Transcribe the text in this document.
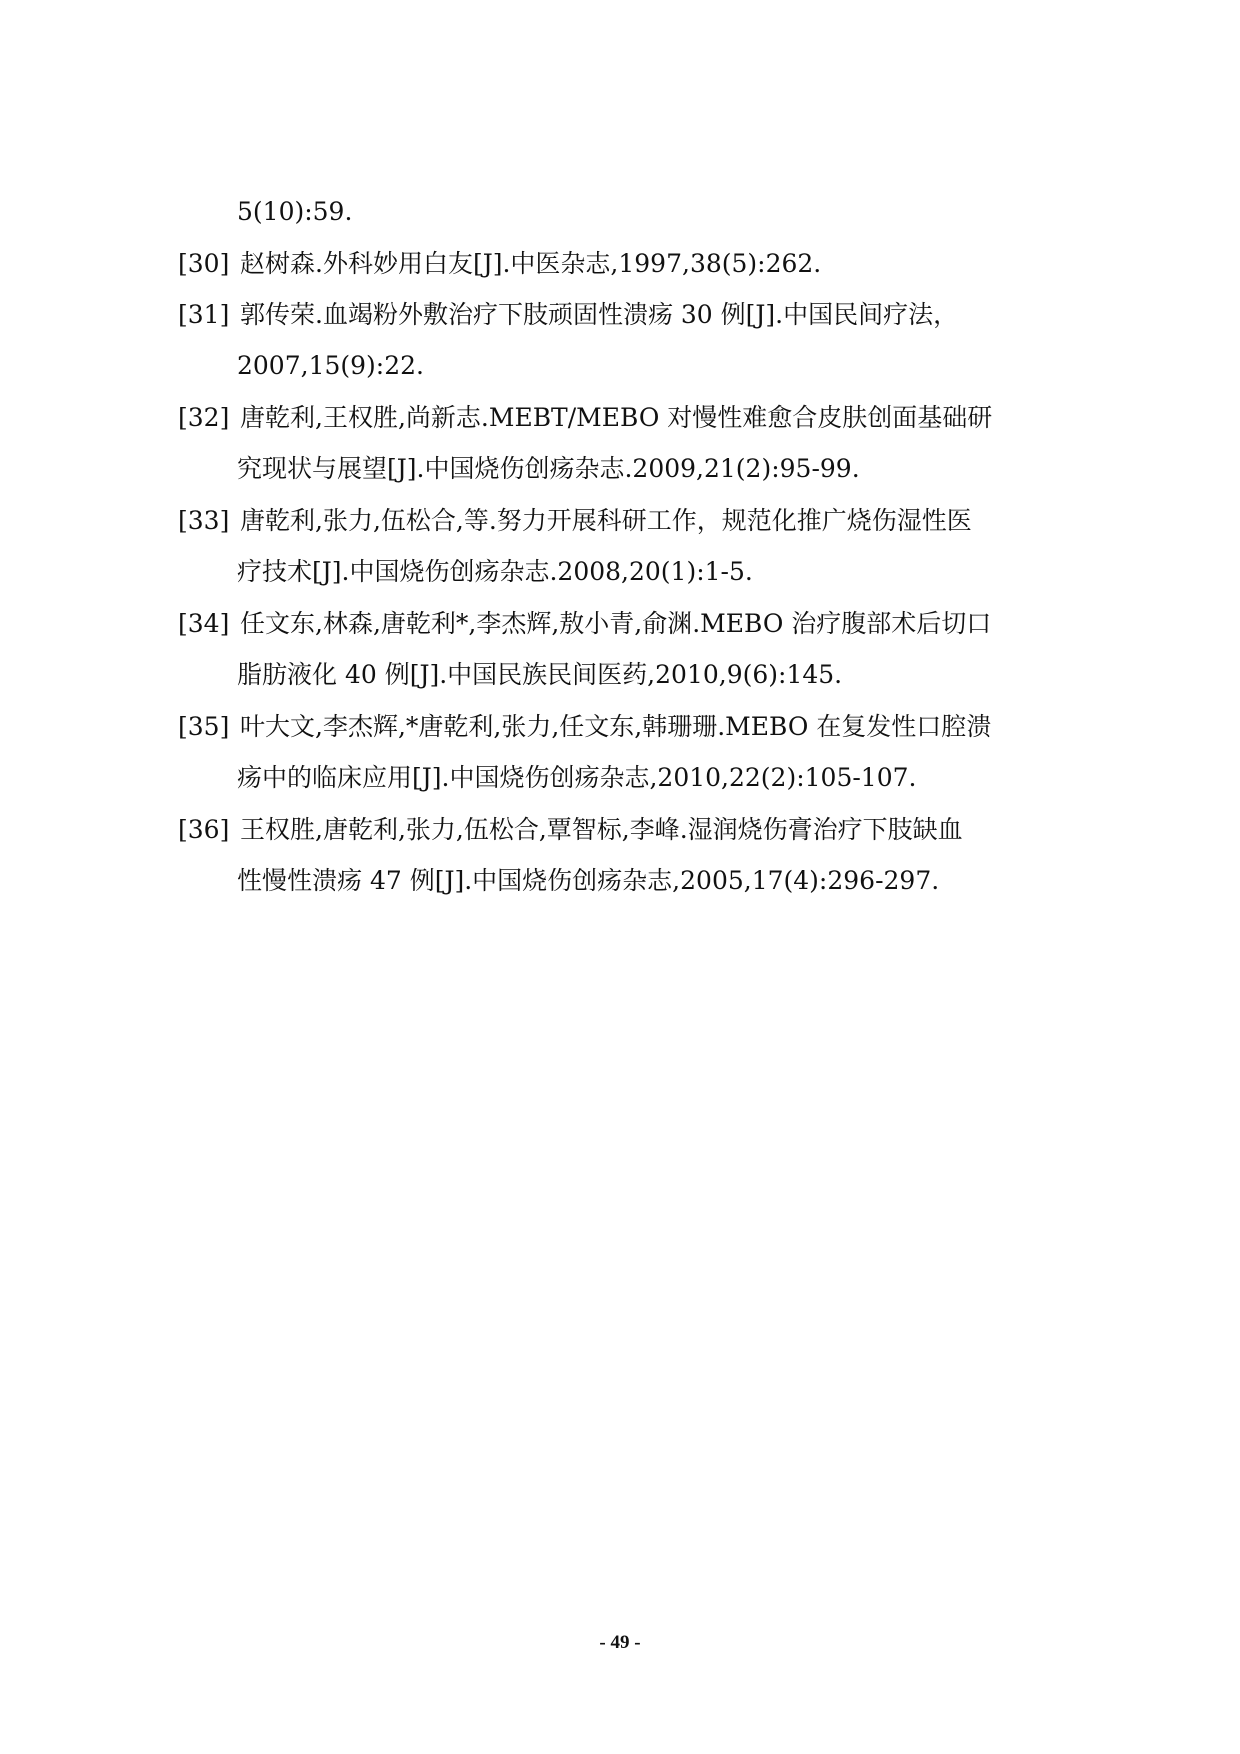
5(10):59.
[30] 赵树森.外科妙用白友[J].中医杂志,1997,38(5):262.
[31] 郭传荣.血竭粉外敷治疗下肢顽固性溃疡 30 例[J].中国民间疗法，
2007,15(9):22.
[32] 唐乾利,王权胜,尚新志.MEBT/MEBO 对慢性难愈合皮肤创面基础研
究现状与展望[J].中国烧伤创疡杂志.2009,21(2):95-99.
[33] 唐乾利,张力,伍松合,等.努力开展科研工作，规范化推广烧伤湿性医
疗技术[J].中国烧伤创疡杂志.2008,20(1):1-5.
[34] 任文东,林森,唐乾利*,李杰辉,敖小青,俞渊.MEBO 治疗腹部术后切口
脂肪液化 40 例[J].中国民族民间医药,2010,9(6):145.
[35] 叶大文,李杰辉,*唐乾利,张力,任文东,韩珊珊.MEBO 在复发性口腔溃
疡中的临床应用[J].中国烧伤创疡杂志,2010,22(2):105-107.
[36] 王权胜,唐乾利,张力,伍松合,覃智标,李峰.湿润烧伤膏治疗下肢缺血
性慢性溃疡 47 例[J].中国烧伤创疡杂志,2005,17(4):296-297.
- 49 -
